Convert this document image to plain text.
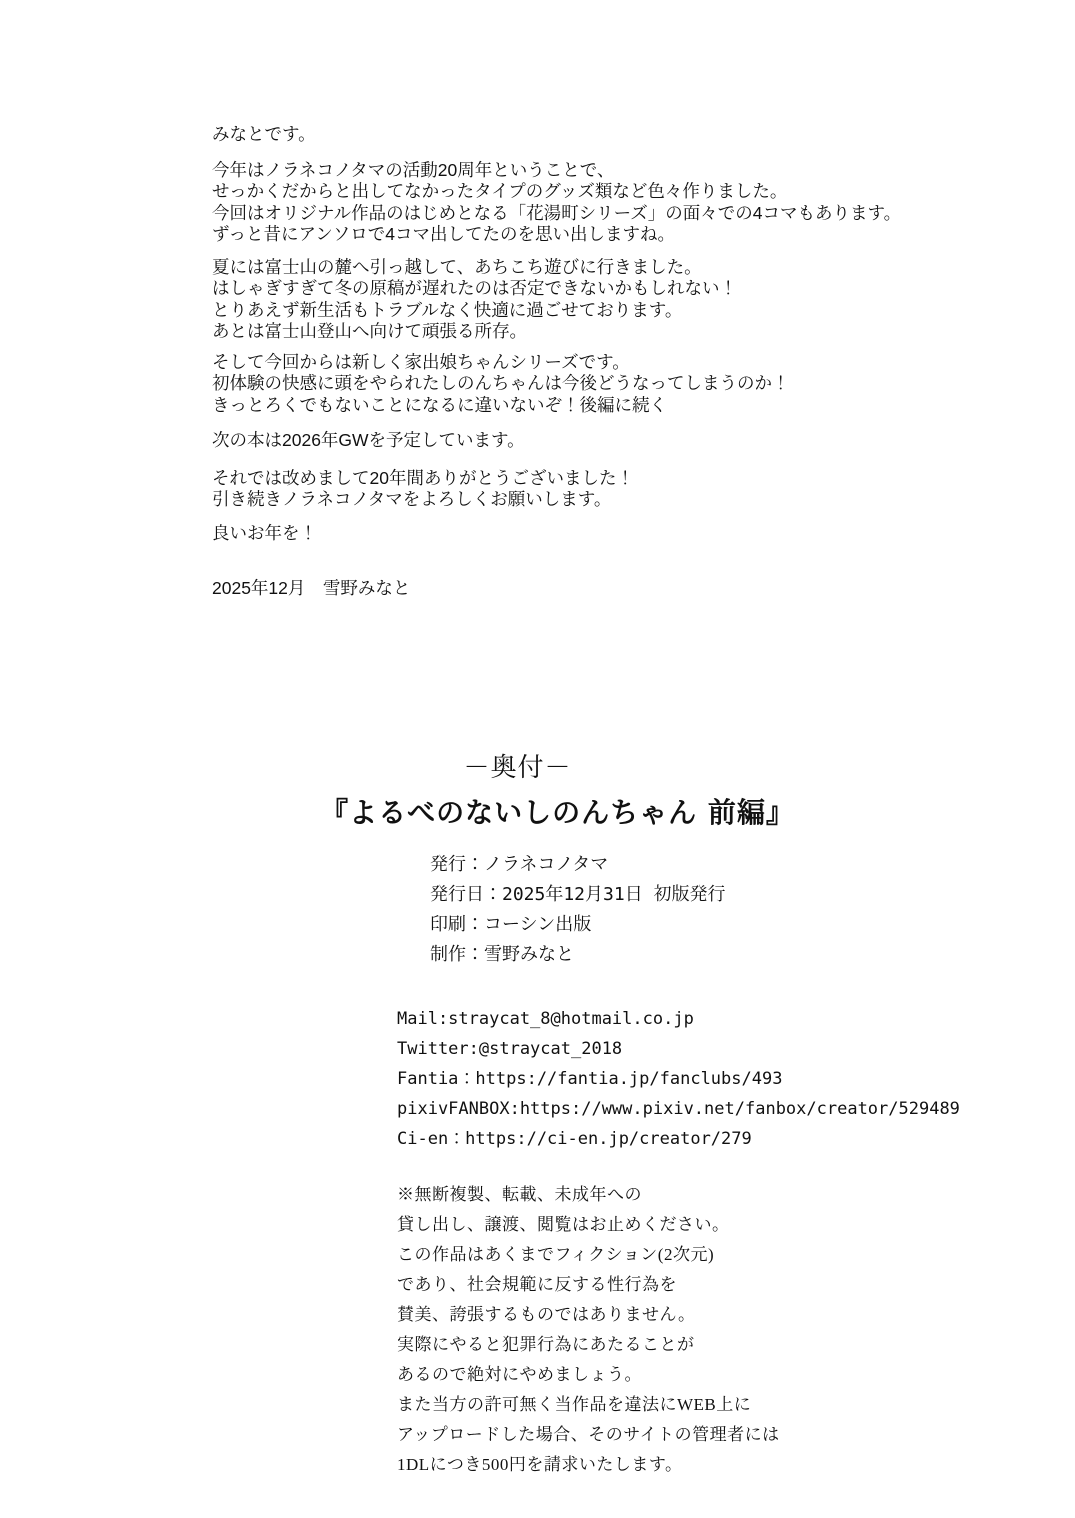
みなとです。
今年はノラネコノタマの活動20周年ということで、
せっかくだからと出してなかったタイプのグッズ類など色々作りました。
今回はオリジナル作品のはじめとなる「花湯町シリーズ」の面々での4コマもあります。
ずっと昔にアンソロで4コマ出してたのを思い出しますね。
夏には富士山の麓へ引っ越して、あちこち遊びに行きました。
はしゃぎすぎて冬の原稿が遅れたのは否定できないかもしれない！
とりあえず新生活もトラブルなく快適に過ごせております。
あとは富士山登山へ向けて頑張る所存。
そして今回からは新しく家出娘ちゃんシリーズです。
初体験の快感に頭をやられたしのんちゃんは今後どうなってしまうのか！
きっとろくでもないことになるに違いないぞ！後編に続く
次の本は2026年GWを予定しています。
それでは改めまして20年間ありがとうございました！
引き続きノラネコノタマをよろしくお願いします。
良いお年を！
2025年12月　雪野みなと
－奥付－
『よるべのないしのんちゃん 前編』
発行：ノラネコノタマ
発行日：2025年12月31日 初版発行
印刷：コーシン出版
制作：雪野みなと
Mail:straycat_8@hotmail.co.jp
Twitter:@straycat_2018
Fantia：https://fantia.jp/fanclubs/493
pixivFANBOX:https://www.pixiv.net/fanbox/creator/529489
Ci-en：https://ci-en.jp/creator/279
※無断複製、転載、未成年への
貸し出し、譲渡、閲覧はお止めください。
この作品はあくまでフィクション(2次元)
であり、社会規範に反する性行為を
賛美、誇張するものではありません。
実際にやると犯罪行為にあたることが
あるので絶対にやめましょう。
また当方の許可無く当作品を違法にWEB上に
アップロードした場合、そのサイトの管理者には
1DLにつき500円を請求いたします。
